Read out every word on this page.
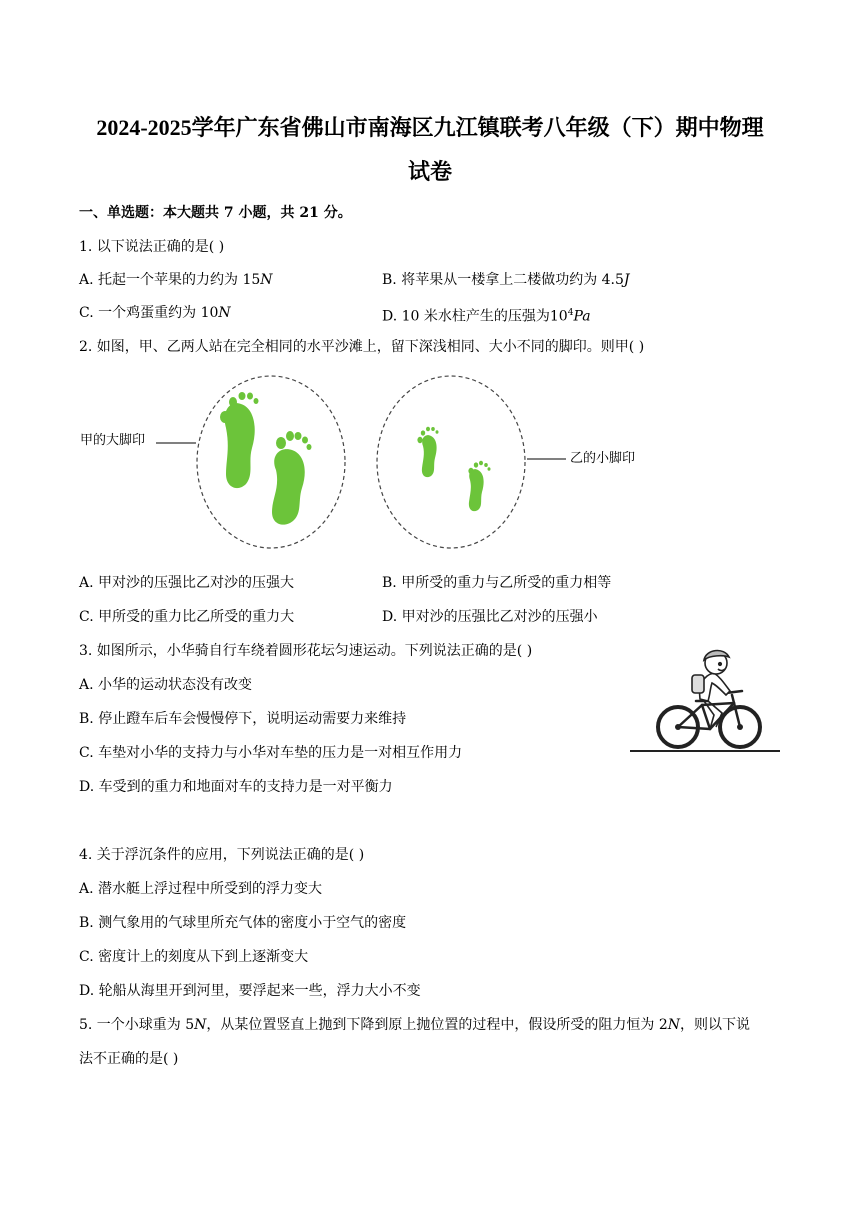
2024-2025学年广东省佛山市南海区九江镇联考八年级（下）期中物理
试卷
一、单选题：本大题共 7 小题，共 21 分。
1. 以下说法正确的是( )
A. 托起一个苹果的力约为 15N	B. 将苹果从一楼拿上二楼做功约为 4.5J
C. 一个鸡蛋重约为 10N	D. 10 米水柱产生的压强为$10^4Pa$
2. 如图，甲、乙两人站在完全相同的水平沙滩上，留下深浅相同、大小不同的脚印。则甲( )
甲的大脚印
乙的小脚印
A. 甲对沙的压强比乙对沙的压强大	B. 甲所受的重力与乙所受的重力相等
C. 甲所受的重力比乙所受的重力大	D. 甲对沙的压强比乙对沙的压强小
3. 如图所示，小华骑自行车绕着圆形花坛匀速运动。下列说法正确的是( )
A. 小华的运动状态没有改变
B. 停止蹬车后车会慢慢停下，说明运动需要力来维持
C. 车垫对小华的支持力与小华对车垫的压力是一对相互作用力
D. 车受到的重力和地面对车的支持力是一对平衡力
4. 关于浮沉条件的应用，下列说法正确的是( )
A. 潜水艇上浮过程中所受到的浮力变大
B. 测气象用的气球里所充气体的密度小于空气的密度
C. 密度计上的刻度从下到上逐渐变大
D. 轮船从海里开到河里，要浮起来一些，浮力大小不变
5. 一个小球重为 5N，从某位置竖直上抛到下降到原上抛位置的过程中，假设所受的阻力恒为 2N，则以下说
法不正确的是( )
